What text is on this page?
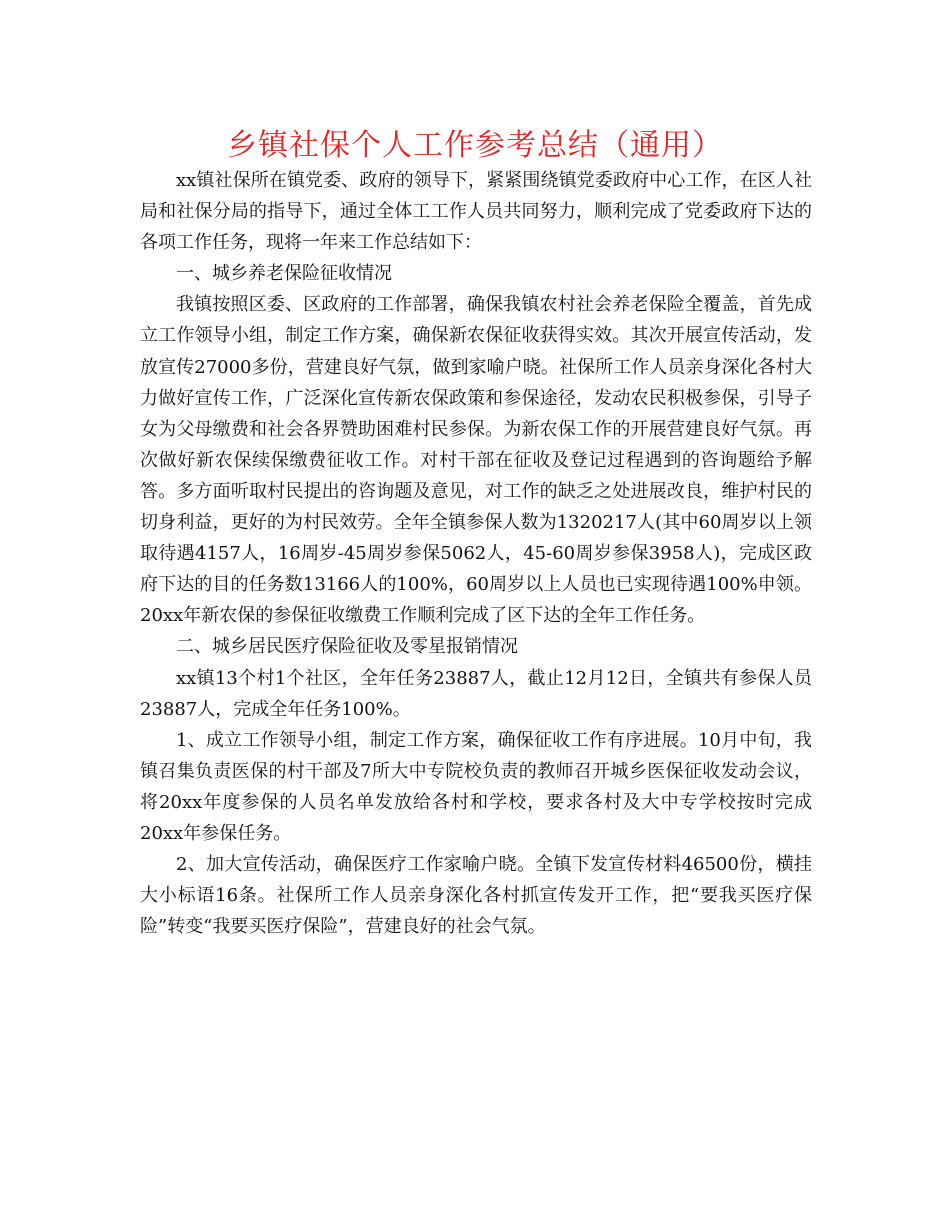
乡镇社保个人工作参考总结（通用）

xx镇社保所在镇党委、政府的领导下，紧紧围绕镇党委政府中心工作，在区人社局和社保分局的指导下，通过全体工工作人员共同努力，顺利完成了党委政府下达的各项工作任务，现将一年来工作总结如下：

一、城乡养老保险征收情况

我镇按照区委、区政府的工作部署，确保我镇农村社会养老保险全覆盖，首先成立工作领导小组，制定工作方案，确保新农保征收获得实效。其次开展宣传活动，发放宣传27000多份，营建良好气氛，做到家喻户晓。社保所工作人员亲身深化各村大力做好宣传工作，广泛深化宣传新农保政策和参保途径，发动农民积极参保，引导子女为父母缴费和社会各界赞助困难村民参保。为新农保工作的开展营建良好气氛。再次做好新农保续保缴费征收工作。对村干部在征收及登记过程遇到的咨询题给予解答。多方面听取村民提出的咨询题及意见，对工作的缺乏之处进展改良，维护村民的切身利益，更好的为村民效劳。全年全镇参保人数为1320217人(其中60周岁以上领取待遇4157人，16周岁-45周岁参保5062人，45-60周岁参保3958人)，完成区政府下达的目的任务数13166人的100%，60周岁以上人员也已实现待遇100%申领。20xx年新农保的参保征收缴费工作顺利完成了区下达的全年工作任务。

二、城乡居民医疗保险征收及零星报销情况

xx镇13个村1个社区，全年任务23887人，截止12月12日，全镇共有参保人员23887人，完成全年任务100%。

1、成立工作领导小组，制定工作方案，确保征收工作有序进展。10月中旬，我镇召集负责医保的村干部及7所大中专院校负责的教师召开城乡医保征收发动会议，将20xx年度参保的人员名单发放给各村和学校，要求各村及大中专学校按时完成20xx年参保任务。

2、加大宣传活动，确保医疗工作家喻户晓。全镇下发宣传材料46500份，横挂大小标语16条。社保所工作人员亲身深化各村抓宣传发开工作，把“要我买医疗保险”转变“我要买医疗保险”，营建良好的社会气氛。
